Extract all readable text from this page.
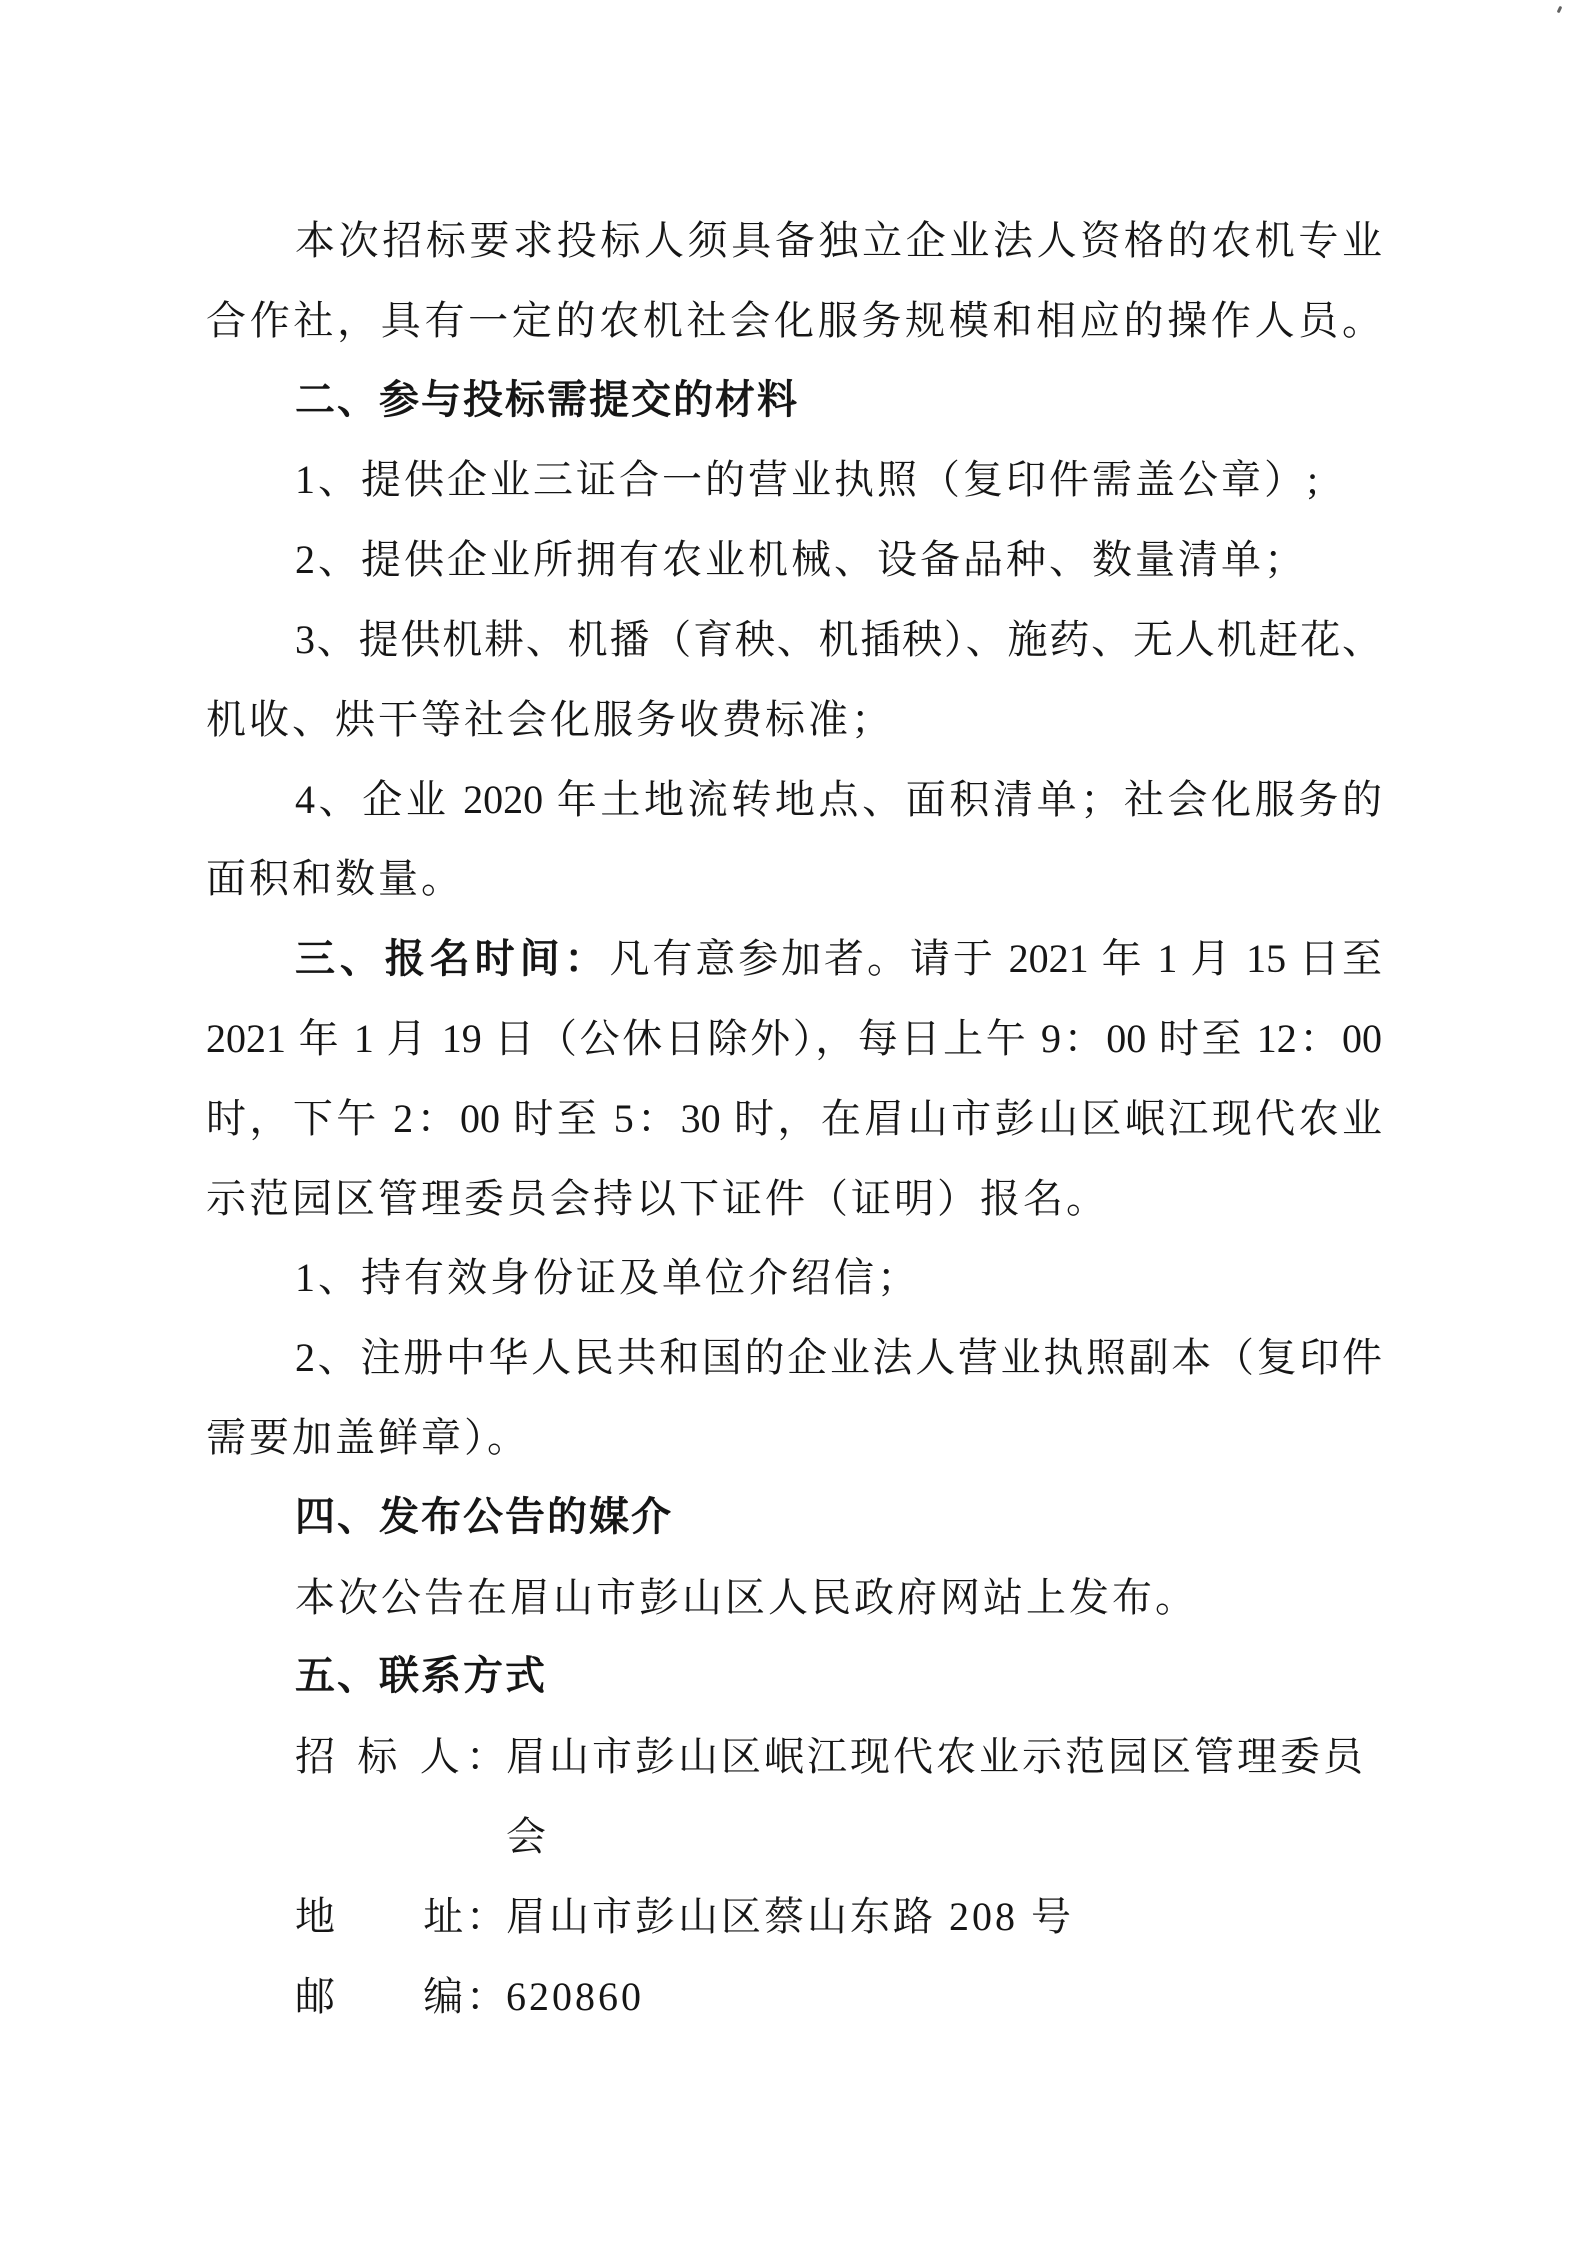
本次招标要求投标人须具备独立企业法人资格的农机专业
合作社，具有一定的农机社会化服务规模和相应的操作人员。
二、参与投标需提交的材料
1、提供企业三证合一的营业执照（复印件需盖公章）;
2、提供企业所拥有农业机械、设备品种、数量清单；
3、提供机耕、机播（育秧、机插秧）、施药、无人机赶花、
机收、烘干等社会化服务收费标准；
4、企业 2020 年土地流转地点、面积清单；社会化服务的
面积和数量。
三、报名时间：凡有意参加者。请于 2021 年 1 月 15 日至
2021 年 1 月 19 日（公休日除外），每日上午 9：00 时至 12：00
时，下午 2：00 时至 5：30 时，在眉山市彭山区岷江现代农业
示范园区管理委员会持以下证件（证明）报名。
1、持有效身份证及单位介绍信；
2、注册中华人民共和国的企业法人营业执照副本（复印件
需要加盖鲜章）。
四、发布公告的媒介
本次公告在眉山市彭山区人民政府网站上发布。
五、联系方式
招 标 人：眉山市彭山区岷江现代农业示范园区管理委员
会
地　　址：眉山市彭山区蔡山东路 208 号
邮　　编：620860
